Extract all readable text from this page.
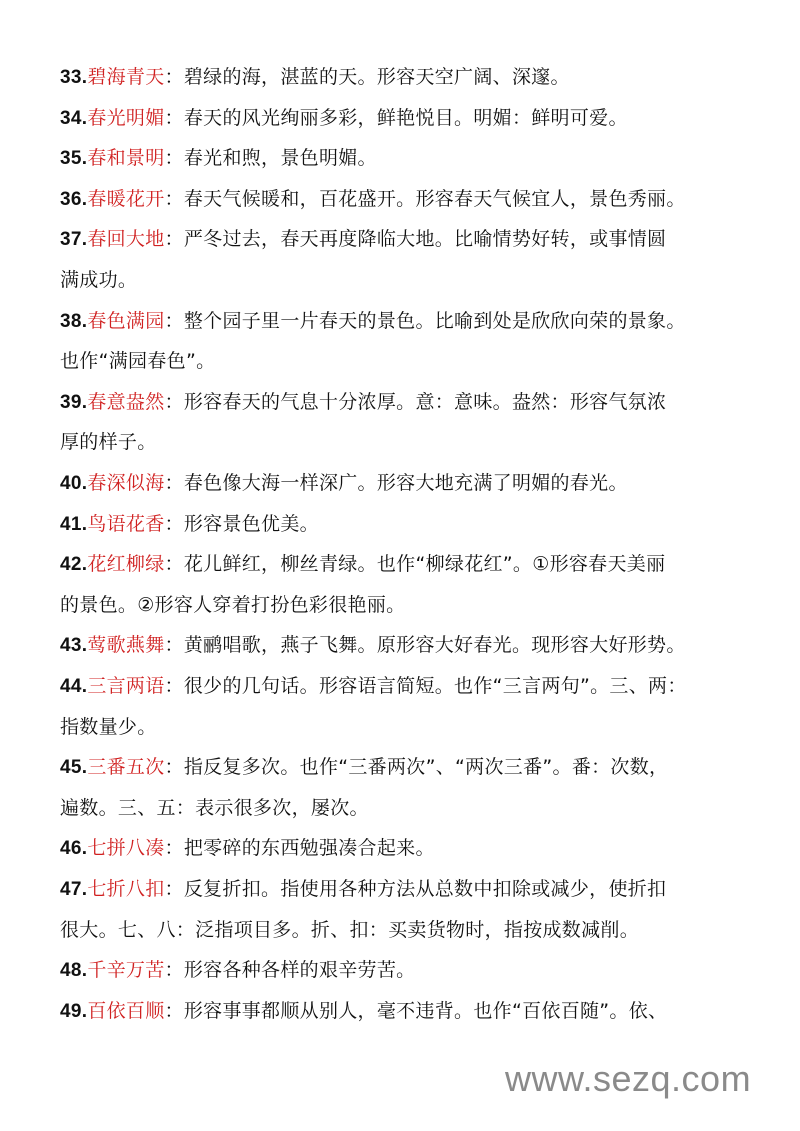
33.碧海青天：碧绿的海，湛蓝的天。形容天空广阔、深邃。
34.春光明媚：春天的风光绚丽多彩，鲜艳悦目。明媚：鲜明可爱。
35.春和景明：春光和煦，景色明媚。
36.春暖花开：春天气候暖和，百花盛开。形容春天气候宜人，景色秀丽。
37.春回大地：严冬过去，春天再度降临大地。比喻情势好转，或事情圆
满成功。
38.春色满园：整个园子里一片春天的景色。比喻到处是欣欣向荣的景象。
也作“满园春色”。
39.春意盎然：形容春天的气息十分浓厚。意：意味。盎然：形容气氛浓
厚的样子。
40.春深似海：春色像大海一样深广。形容大地充满了明媚的春光。
41.鸟语花香：形容景色优美。
42.花红柳绿：花儿鲜红，柳丝青绿。也作“柳绿花红”。①形容春天美丽
的景色。②形容人穿着打扮色彩很艳丽。
43.莺歌燕舞：黄鹂唱歌，燕子飞舞。原形容大好春光。现形容大好形势。
44.三言两语：很少的几句话。形容语言简短。也作“三言两句”。三、两：
指数量少。
45.三番五次：指反复多次。也作“三番两次”、“两次三番”。番：次数，
遍数。三、五：表示很多次，屡次。
46.七拼八凑：把零碎的东西勉强凑合起来。
47.七折八扣：反复折扣。指使用各种方法从总数中扣除或减少，使折扣
很大。七、八：泛指项目多。折、扣：买卖货物时，指按成数减削。
48.千辛万苦：形容各种各样的艰辛劳苦。
49.百依百顺：形容事事都顺从别人，毫不违背。也作“百依百随”。依、
www.sezq.com
